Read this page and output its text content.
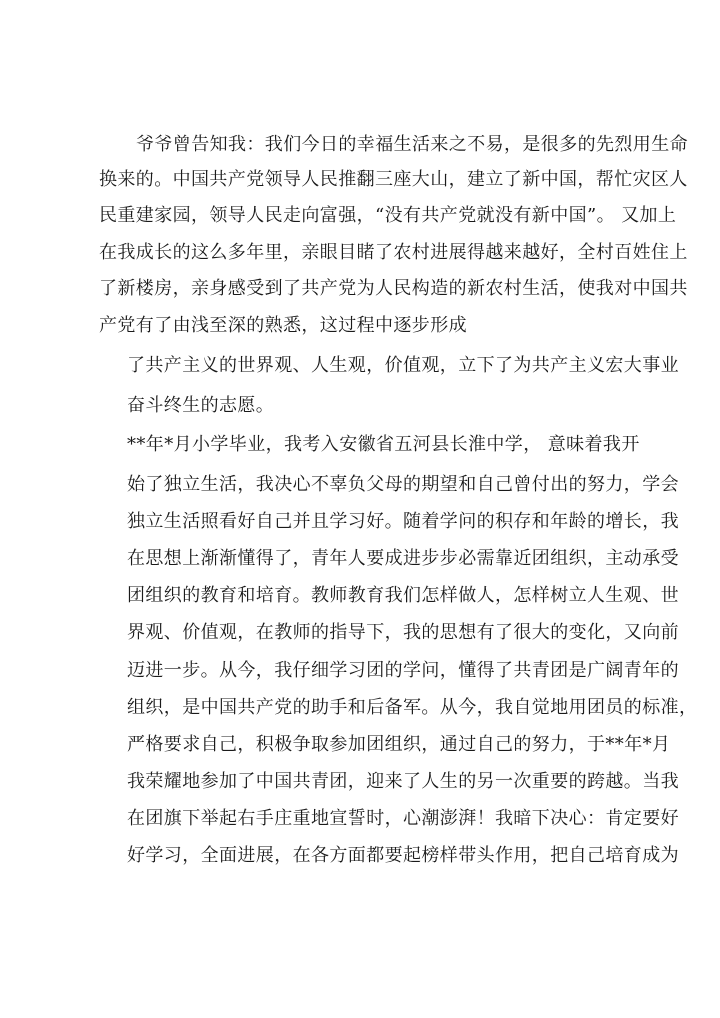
爷爷曾告知我：我们今日的幸福生活来之不易，是很多的先烈用生命
换来的。中国共产党领导人民推翻三座大山，建立了新中国，帮忙灾区人
民重建家园，领导人民走向富强，“没有共产党就没有新中国”。 又加上
在我成长的这么多年里，亲眼目睹了农村进展得越来越好，全村百姓住上
了新楼房，亲身感受到了共产党为人民构造的新农村生活，使我对中国共
产党有了由浅至深的熟悉，这过程中逐步形成
了共产主义的世界观、人生观，价值观，立下了为共产主义宏大事业
奋斗终生的志愿。
**年*月小学毕业，我考入安徽省五河县长淮中学， 意味着我开
始了独立生活，我决心不辜负父母的期望和自己曾付出的努力，学会
独立生活照看好自己并且学习好。随着学问的积存和年龄的增长，我
在思想上渐渐懂得了，青年人要成进步步必需靠近团组织，主动承受
团组织的教育和培育。教师教育我们怎样做人，怎样树立人生观、世
界观、价值观，在教师的指导下，我的思想有了很大的变化，又向前
迈进一步。从今，我仔细学习团的学问，懂得了共青团是广阔青年的
组织，是中国共产党的助手和后备军。从今，我自觉地用团员的标准，
严格要求自己，积极争取参加团组织，通过自己的努力，于**年*月
我荣耀地参加了中国共青团，迎来了人生的另一次重要的跨越。当我
在团旗下举起右手庄重地宣誓时，心潮澎湃！我暗下决心：肯定要好
好学习，全面进展，在各方面都要起榜样带头作用，把自己培育成为
